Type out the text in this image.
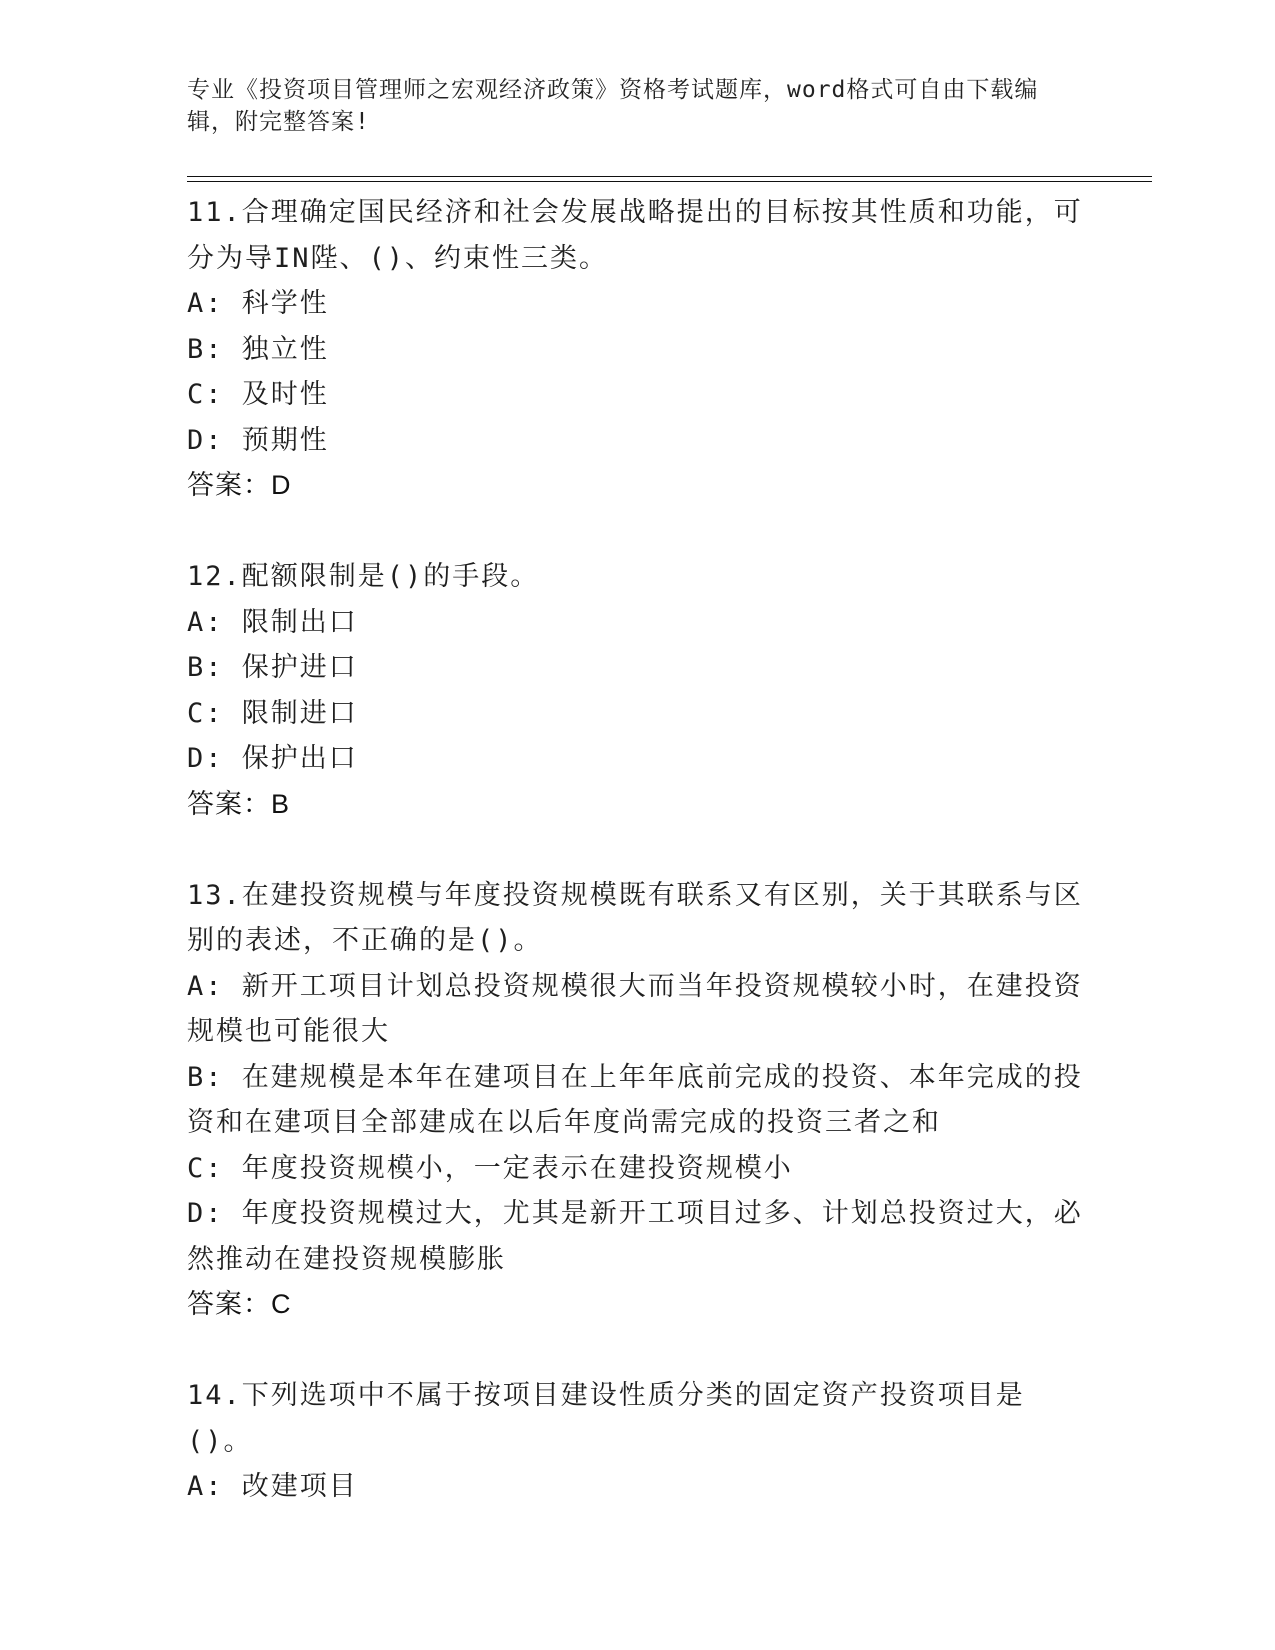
专业《投资项目管理师之宏观经济政策》资格考试题库，word格式可自由下载编
辑，附完整答案!
11.合理确定国民经济和社会发展战略提出的目标按其性质和功能，可
分为导IN陛、()、约束性三类。
A: 科学性
B: 独立性
C: 及时性
D: 预期性
答案：D
12.配额限制是()的手段。
A: 限制出口
B: 保护进口
C: 限制进口
D: 保护出口
答案：B
13.在建投资规模与年度投资规模既有联系又有区别，关于其联系与区
别的表述，不正确的是()。
A: 新开工项目计划总投资规模很大而当年投资规模较小时，在建投资
规模也可能很大
B: 在建规模是本年在建项目在上年年底前完成的投资、本年完成的投
资和在建项目全部建成在以后年度尚需完成的投资三者之和
C: 年度投资规模小，一定表示在建投资规模小
D: 年度投资规模过大，尤其是新开工项目过多、计划总投资过大，必
然推动在建投资规模膨胀
答案：C
14.下列选项中不属于按项目建设性质分类的固定资产投资项目是()。
A: 改建项目
